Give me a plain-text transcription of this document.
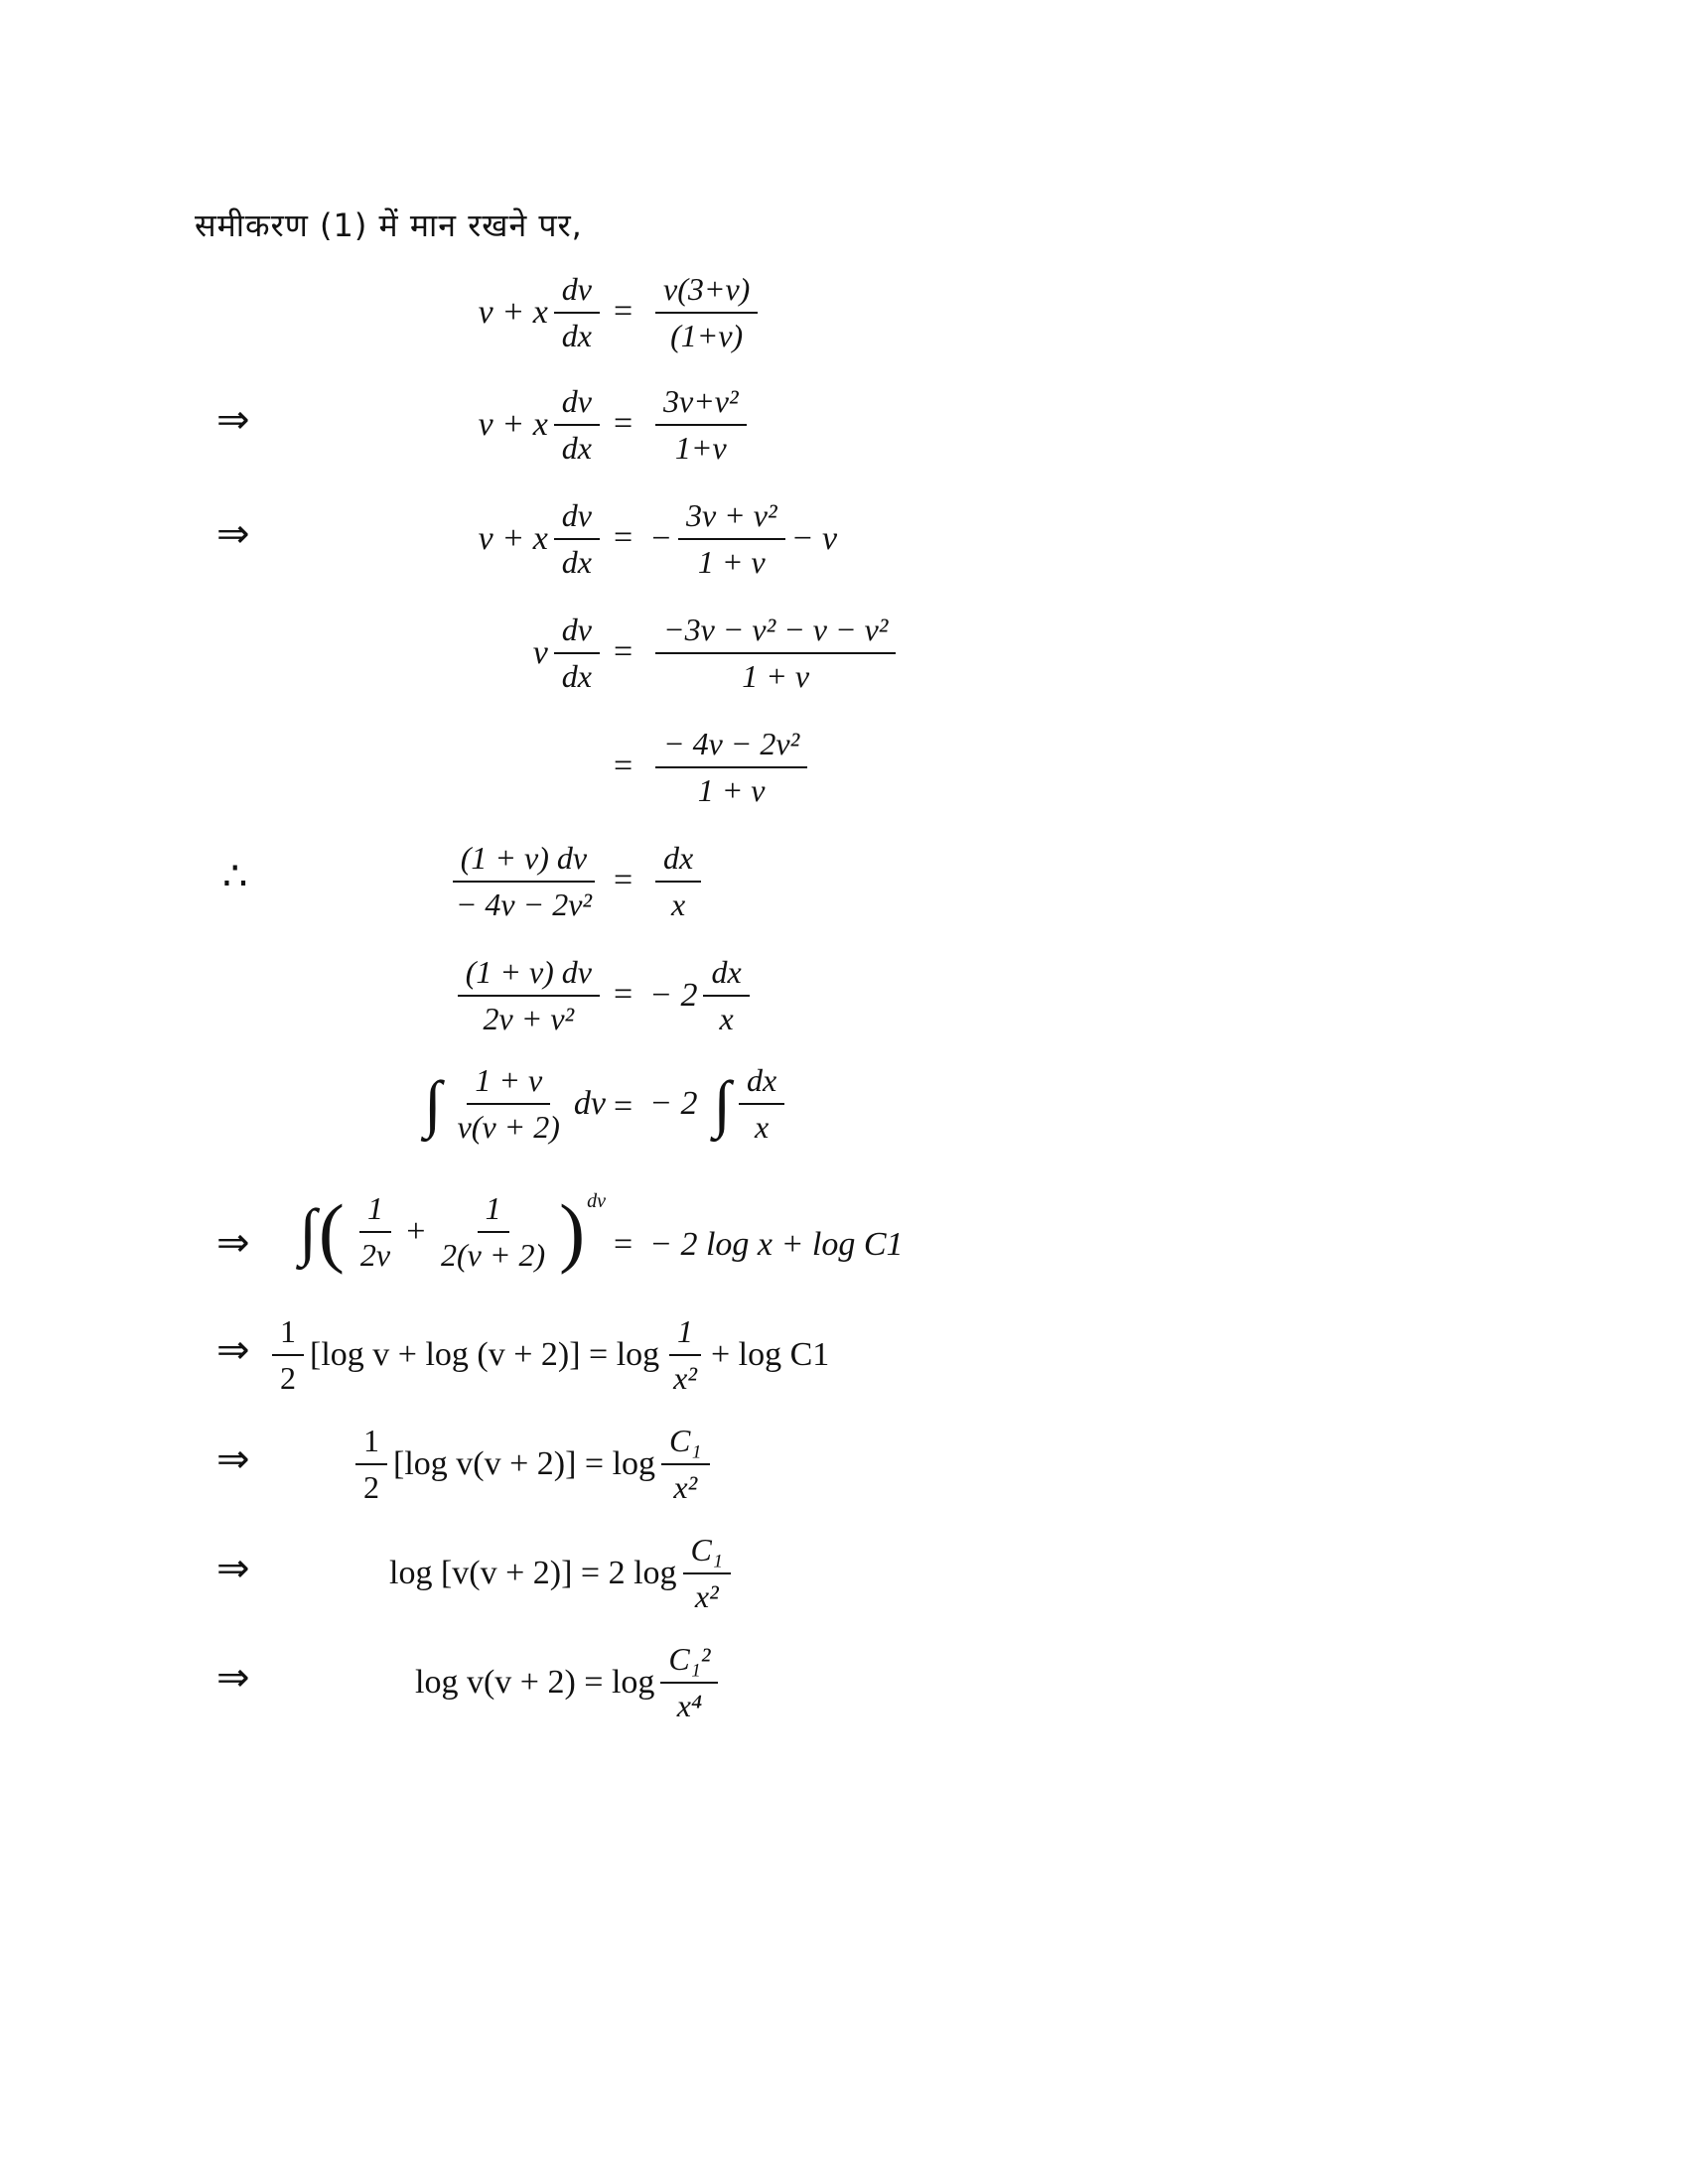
समीकरण (1) में मान रखने पर,
v + x $\frac{dv}{dx} = \frac{v(3+v)}{(1+v)}$
⇒	v + x $\frac{dv}{dx} = \frac{\text{3v+v²}}{1+v}$
⇒	v + x $\frac{dv}{dx}$ = − $\frac{\text{3v + v²}}{1 + v} - v$
v $\frac{dv}{dx} = \frac{\text{−3v − v² − v − v²}}{1 + v}$
= $\frac{\text{− 4v − 2v²}}{1 + v}$
∴	$\frac{(1 + v) dv}{\text{− 4v − 2v²}} = \frac{dx}{x}$
$\frac{(1 + v) dv}{\text{2v + v²}}$ = − $2 \frac{dx}{x}$
∫ $\frac{1 + v}{v(v + 2)}$ dv = − 2 ∫ $\frac{dx}{x}$
⇒ ∫ ( $\frac{1}{2v} + \frac{1}{2(v + 2)}$ ) dv
= − 2 log x + log C1
⇒ $\frac{1}{2} [\log$ $v + \log (v + 2)] = \log \frac{1}{\text{x²}} + \log C1$
⇒	$\frac{1}{2} [\log$ $v(v + 2)] = \log \frac{\text{C₁}}{\text{x²}}$
⇒	log [v(v + 2)] = 2 $\log \frac{\text{C₁}}{\text{x²}}$
⇒	$\log v(v + 2) = \log \frac{\text{C₁²}}{\text{x⁴}}$
